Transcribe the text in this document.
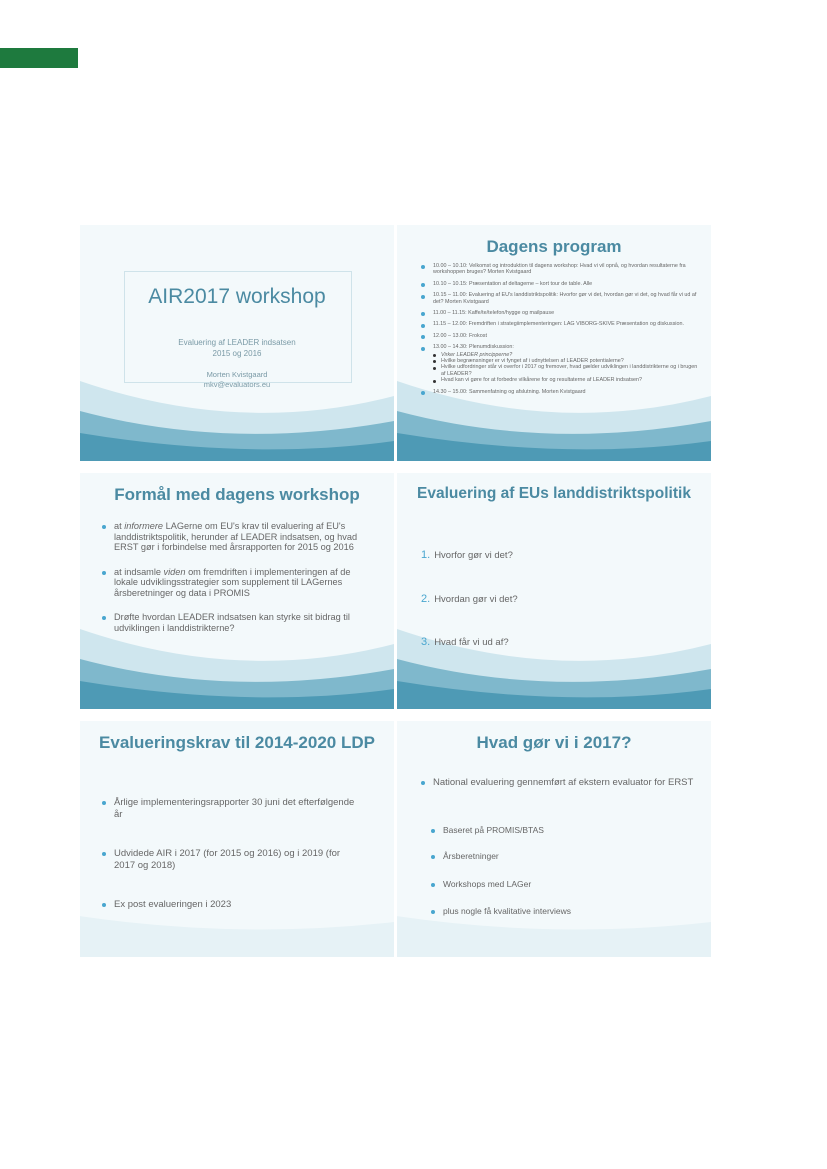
AIR2017 workshop
Evaluering af LEADER indsatsen
2015 og 2016
Morten Kvistgaard
mkv@evaluators.eu
Dagens program
10.00 – 10.10: Velkomst og introduktion til dagens workshop: Hvad vi vil opnå, og hvordan resultaterne fra workshoppen bruges? Morten Kvistgaard
10.10 – 10.15: Præsentation af deltagerne – kort tour de table. Alle
10.15 – 11.00: Evaluering af EU's landdistriktspolitik: Hvorfor gør vi det, hvordan gør vi det, og hvad får vi ud af det? Morten Kvistgaard
11.00 – 11.15: Kaffe/te/telefon/hygge og mailpause
11.15 – 12.00: Fremdriften i strategiimplementeringen: LAG VIBORG-SKIVE Præsentation og diskussion.
12.00 – 13.00: Frokost
13.00 – 14.30: Plenumdiskussion:
Virker LEADER principperne?
Hvilke begrænsninger er vi fynget af i udnyttelsen af LEADER potentialerne?
Hvilke udfordringer står vi overfor i 2017 og fremover, hvad gælder udviklingen i landdistrikterne og i brugen af LEADER?
Hvad kan vi gøre for at forbedre vilkårene for og resultaterne af LEADER indsatsen?
14.30 – 15.00: Sammenfatning og afslutning. Morten Kvistgaard
Formål med dagens workshop
at informere LAGerne om EU's krav til evaluering af EU's landdistriktspolitik, herunder af LEADER indsatsen, og hvad ERST gør i forbindelse med årsrapporten for 2015 og 2016
at indsamle viden om fremdriften i implementeringen af de lokale udviklingsstrategier som supplement til LAGernes årsberetninger og data i PROMIS
Drøfte hvordan LEADER indsatsen kan styrke sit bidrag til udviklingen i landdistrikterne?
Evaluering af EUs landdistriktspolitik
1. Hvorfor gør vi det?
2. Hvordan gør vi det?
3. Hvad får vi ud af?
Evalueringskrav til 2014-2020 LDP
Årlige implementeringsrapporter 30 juni det efterfølgende år
Udvidede AIR i 2017 (for 2015 og 2016) og i 2019 (for 2017 og 2018)
Ex post evalueringen i 2023
Hvad gør vi i 2017?
National evaluering gennemført af ekstern evaluator for ERST
Baseret på PROMIS/BTAS
Årsberetninger
Workshops med LAGer
plus nogle få kvalitative interviews
